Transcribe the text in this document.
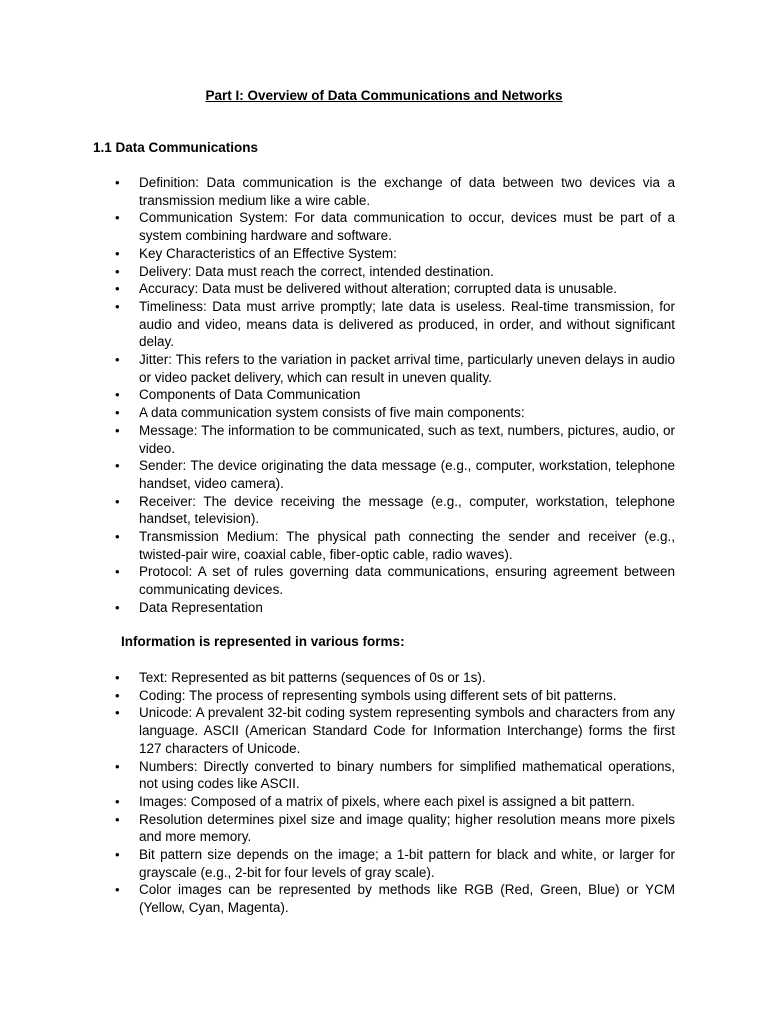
Part I: Overview of Data Communications and Networks
1.1 Data Communications
• Definition: Data communication is the exchange of data between two devices via a transmission medium like a wire cable.
• Communication System: For data communication to occur, devices must be part of a system combining hardware and software.
• Key Characteristics of an Effective System:
• Delivery: Data must reach the correct, intended destination.
• Accuracy: Data must be delivered without alteration; corrupted data is unusable.
• Timeliness: Data must arrive promptly; late data is useless. Real-time transmission, for audio and video, means data is delivered as produced, in order, and without significant delay.
• Jitter: This refers to the variation in packet arrival time, particularly uneven delays in audio or video packet delivery, which can result in uneven quality.
• Components of Data Communication
• A data communication system consists of five main components:
• Message: The information to be communicated, such as text, numbers, pictures, audio, or video.
• Sender: The device originating the data message (e.g., computer, workstation, telephone handset, video camera).
• Receiver: The device receiving the message (e.g., computer, workstation, telephone handset, television).
• Transmission Medium: The physical path connecting the sender and receiver (e.g., twisted-pair wire, coaxial cable, fiber-optic cable, radio waves).
• Protocol: A set of rules governing data communications, ensuring agreement between communicating devices.
• Data Representation
Information is represented in various forms:
• Text: Represented as bit patterns (sequences of 0s or 1s).
• Coding: The process of representing symbols using different sets of bit patterns.
• Unicode: A prevalent 32-bit coding system representing symbols and characters from any language. ASCII (American Standard Code for Information Interchange) forms the first 127 characters of Unicode.
• Numbers: Directly converted to binary numbers for simplified mathematical operations, not using codes like ASCII.
• Images: Composed of a matrix of pixels, where each pixel is assigned a bit pattern.
• Resolution determines pixel size and image quality; higher resolution means more pixels and more memory.
• Bit pattern size depends on the image; a 1-bit pattern for black and white, or larger for grayscale (e.g., 2-bit for four levels of gray scale).
• Color images can be represented by methods like RGB (Red, Green, Blue) or YCM (Yellow, Cyan, Magenta).
